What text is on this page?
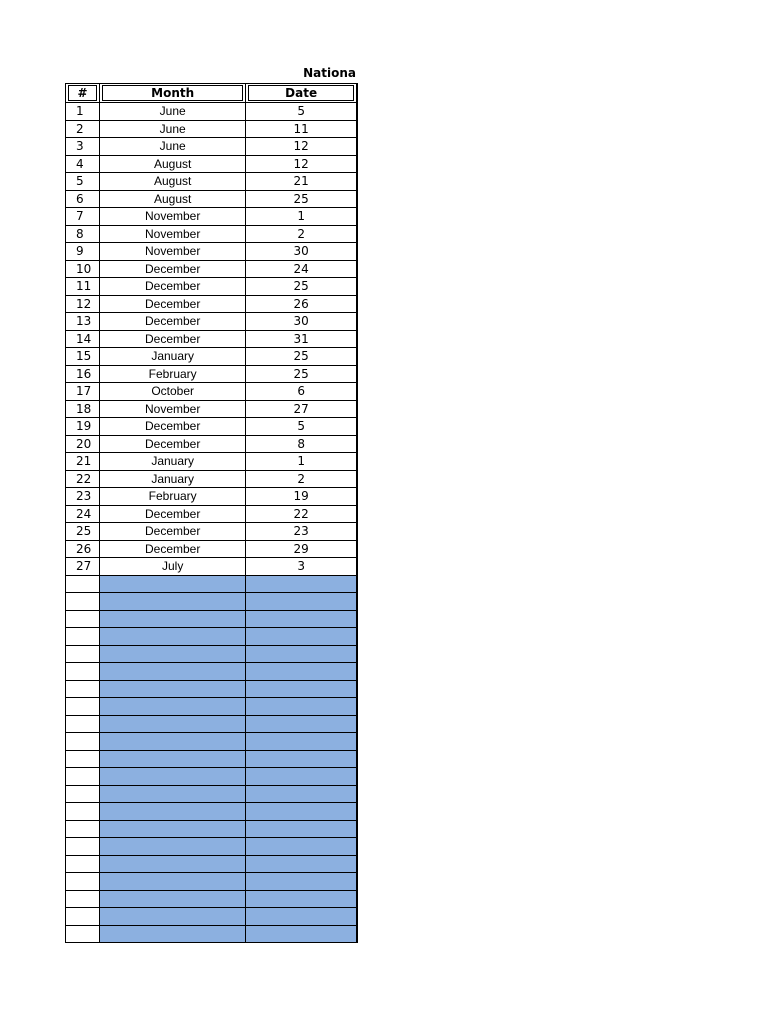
Nationa
#	Month	Date

1	June	5
2	June	11
3	June	12
4	August	12
5	August	21
6	August	25
7	November	1
8	November	2
9	November	30
10	December	24
11	December	25
12	December	26
13	December	30
14	December	31
15	January	25
16	February	25
17	October	6
18	November	27
19	December	5
20	December	8
21	January	1
22	January	2
23	February	19
24	December	22
25	December	23
26	December	29
27	July	3
